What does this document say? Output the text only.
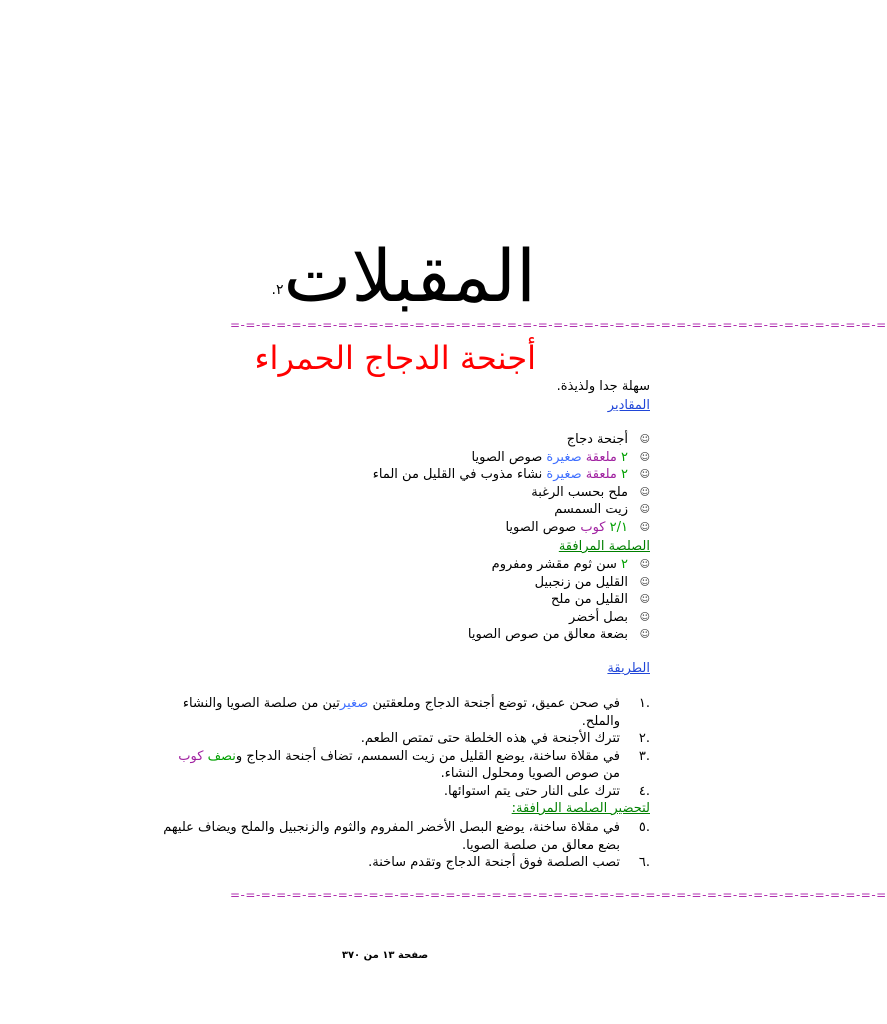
٢. المقبلات
=-=-=-=-=-=-=-=-=-=-=-=-=-=-=-=-=-=-=-=-=-=-=-=-=-=-=-=-=-=-=-=-=-=-=-=-=-=-=-=-=-=-=
أجنحة الدجاج الحمراء
سهلة جدا ولذيذة.
المقادير
☺
أجنحة دجاج
☺
٢ ملعقة صغيرة صوص الصويا
☺
٢ ملعقة صغيرة نشاء مذوب في القليل من الماء
☺
ملح بحسب الرغبة
☺
زيت السمسم
☺
٢/١ كوب صوص الصويا
الصلصة المرافقة
☺
٢ سن ثوم مقشر ومفروم
☺
القليل من زنجبيل
☺
القليل من ملح
☺
بصل أخضر
☺
بضعة معالق من صوص الصويا
الطريقة
.١
في صحن عميق، توضع أجنحة الدجاج وملعقتين صغيرتين من صلصة الصويا والنشاء
والملح.
.٢
تترك الأجنحة في هذه الخلطة حتى تمتص الطعم.
.٣
في مقلاة ساخنة، يوضع القليل من زيت السمسم، تضاف أجنحة الدجاج ونصف كوب
من صوص الصويا ومحلول النشاء.
.٤
تترك على النار حتى يتم استوائها.
لتحضير الصلصة المرافقة:
.٥
في مقلاة ساخنة، يوضع البصل الأخضر المفروم والثوم والزنجبيل والملح ويضاف عليهم
بضع معالق من صلصة الصويا.
.٦
تصب الصلصة فوق أجنحة الدجاج وتقدم ساخنة.
=-=-=-=-=-=-=-=-=-=-=-=-=-=-=-=-=-=-=-=-=-=-=-=-=-=-=-=-=-=-=-=-=-=-=-=-=-=-=-=-=-=-=
صفحة ١٣ من ٣٧٠
